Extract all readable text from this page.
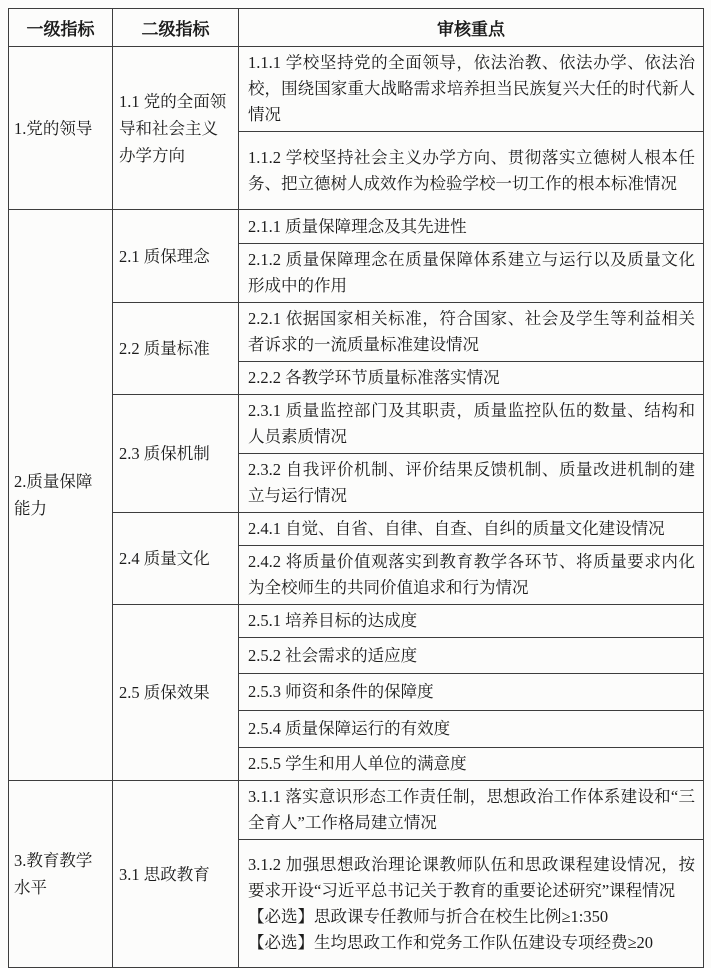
一级指标	二级指标	审核重点
1.党的领导	1.1 党的全面领导和社会主义办学方向	1.1.1 学校坚持党的全面领导，依法治教、依法办学、依法治校，围绕国家重大战略需求培养担当民族复兴大任的时代新人情况

		1.1.2 学校坚持社会主义办学方向、贯彻落实立德树人根本任务、把立德树人成效作为检验学校一切工作的根本标准情况

2.质量保障能力	2.1 质保理念	2.1.1 质量保障理念及其先进性

		2.1.2 质量保障理念在质量保障体系建立与运行以及质量文化形成中的作用

	2.2 质量标准	2.2.1 依据国家相关标准，符合国家、社会及学生等利益相关者诉求的一流质量标准建设情况

		2.2.2 各教学环节质量标准落实情况

	2.3 质保机制	2.3.1 质量监控部门及其职责，质量监控队伍的数量、结构和人员素质情况

		2.3.2 自我评价机制、评价结果反馈机制、质量改进机制的建立与运行情况

	2.4 质量文化	2.4.1 自觉、自省、自律、自查、自纠的质量文化建设情况

		2.4.2 将质量价值观落实到教育教学各环节、将质量要求内化为全校师生的共同价值追求和行为情况

	2.5 质保效果	2.5.1 培养目标的达成度

		2.5.2 社会需求的适应度

		2.5.3 师资和条件的保障度

		2.5.4 质量保障运行的有效度

		2.5.5 学生和用人单位的满意度

3.教育教学水平	3.1 思政教育	3.1.1 落实意识形态工作责任制，思想政治工作体系建设和“三全育人”工作格局建立情况

		3.1.2 加强思想政治理论课教师队伍和思政课程建设情况，按要求开设“习近平总书记关于教育的重要论述研究”课程情况
【必选】思政课专任教师与折合在校生比例≥1:350
【必选】生均思政工作和党务工作队伍建设专项经费≥20
